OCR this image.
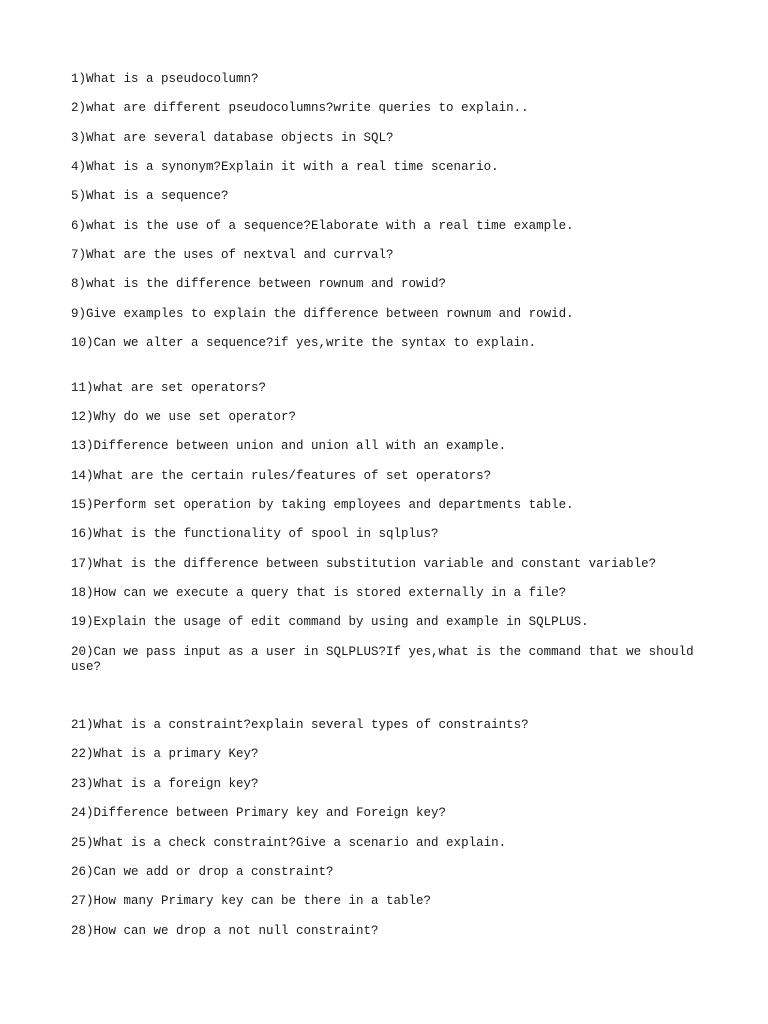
1)What is a pseudocolumn?

2)what are different pseudocolumns?write queries to explain..

3)What are several database objects in SQL?

4)What is a synonym?Explain it with a real time scenario.

5)What is a sequence?

6)what is the use of a sequence?Elaborate with a real time example.

7)What are the uses of nextval and currval?

8)what is the difference between rownum and rowid?

9)Give examples to explain the difference between rownum and rowid.

10)Can we alter a sequence?if yes,write the syntax to explain.

11)what are set operators?

12)Why do we use set operator?

13)Difference between union and union all with an example.

14)What are the certain rules/features of set operators?

15)Perform set operation by taking employees and departments table.

16)What is the functionality of spool in sqlplus?

17)What is the difference between substitution variable and constant variable?

18)How can we execute a query that is stored externally in a file?

19)Explain the usage of edit command by using and example in SQLPLUS.

20)Can we pass input as a user in SQLPLUS?If yes,what is the command that we should use?

21)What is a constraint?explain several types of constraints?

22)What is a primary Key?

23)What is a foreign key?

24)Difference between Primary key and Foreign key?

25)What is a check constraint?Give a scenario and explain.

26)Can we add or drop a constraint?

27)How many Primary key can be there in a table?

28)How can we drop a not null constraint?
